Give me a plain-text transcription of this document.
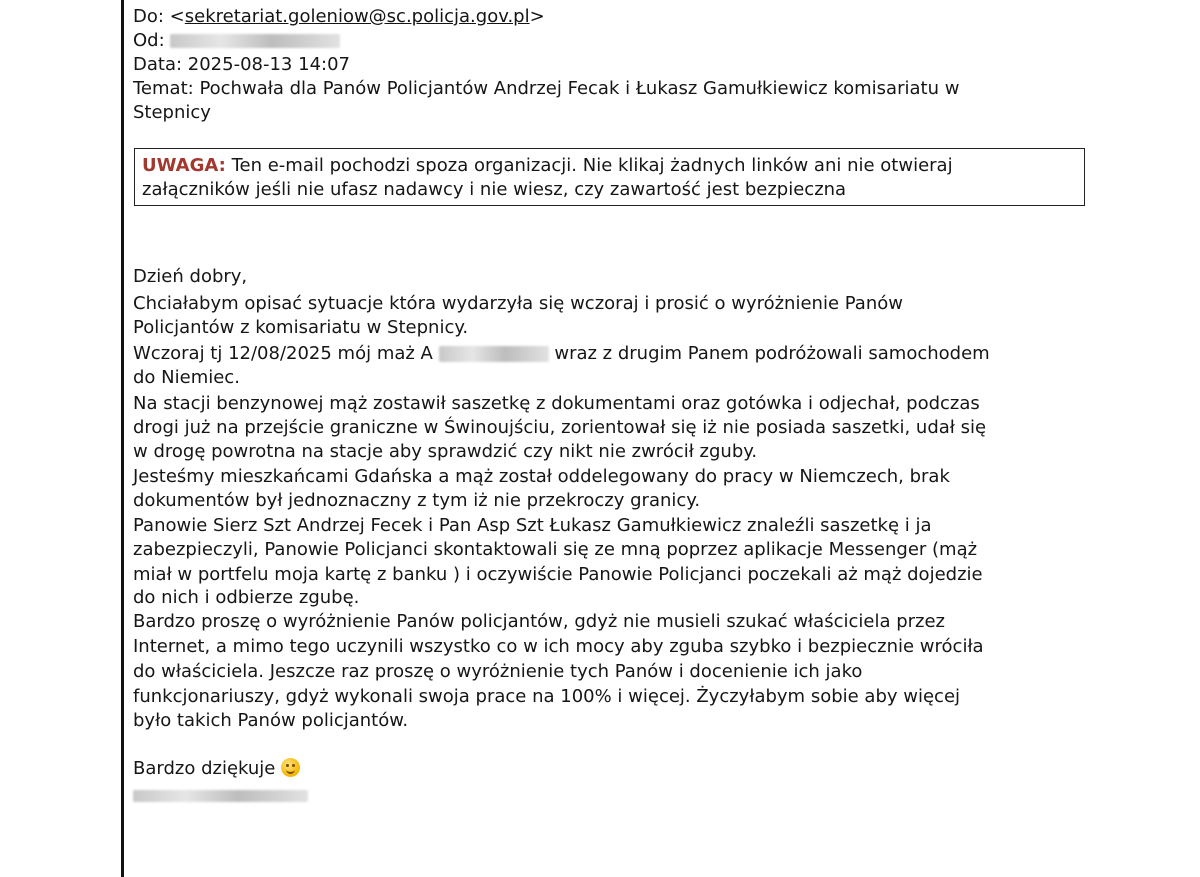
Do: <sekretariat.goleniow@sc.policja.gov.pl>
Od:
Data: 2025-08-13 14:07
Temat: Pochwała dla Panów Policjantów Andrzej Fecak i Łukasz Gamułkiewicz komisariatu w
Stepnicy
UWAGA: Ten e-mail pochodzi spoza organizacji. Nie klikaj żadnych linków ani nie otwieraj
załączników jeśli nie ufasz nadawcy i nie wiesz, czy zawartość jest bezpieczna
Dzień dobry,
Chciałabym opisać sytuacje która wydarzyła się wczoraj i prosić o wyróżnienie Panów
Policjantów z komisariatu w Stepnicy.
Wczoraj tj 12/08/2025 mój maż A	wraz z drugim Panem podróżowali samochodem
do Niemiec.
Na stacji benzynowej mąż zostawił saszetkę z dokumentami oraz gotówka i odjechał, podczas
drogi już na przejście graniczne w Świnoujściu, zorientował się iż nie posiada saszetki, udał się
w drogę powrotna na stacje aby sprawdzić czy nikt nie zwrócił zguby.
Jesteśmy mieszkańcami Gdańska a mąż został oddelegowany do pracy w Niemczech, brak
dokumentów był jednoznaczny z tym iż nie przekroczy granicy.
Panowie Sierz Szt Andrzej Fecek i Pan Asp Szt Łukasz Gamułkiewicz znaleźli saszetkę i ja
zabezpieczyli, Panowie Policjanci skontaktowali się ze mną poprzez aplikacje Messenger (mąż
miał w portfelu moja kartę z banku ) i oczywiście Panowie Policjanci poczekali aż mąż dojedzie
do nich i odbierze zgubę.
Bardzo proszę o wyróżnienie Panów policjantów, gdyż nie musieli szukać właściciela przez
Internet, a mimo tego uczynili wszystko co w ich mocy aby zguba szybko i bezpiecznie wróciła
do właściciela. Jeszcze raz proszę o wyróżnienie tych Panów i docenienie ich jako
funkcjonariuszy, gdyż wykonali swoja prace na 100% i więcej. Życzyłabym sobie aby więcej
było takich Panów policjantów.
Bardzo dziękuje
